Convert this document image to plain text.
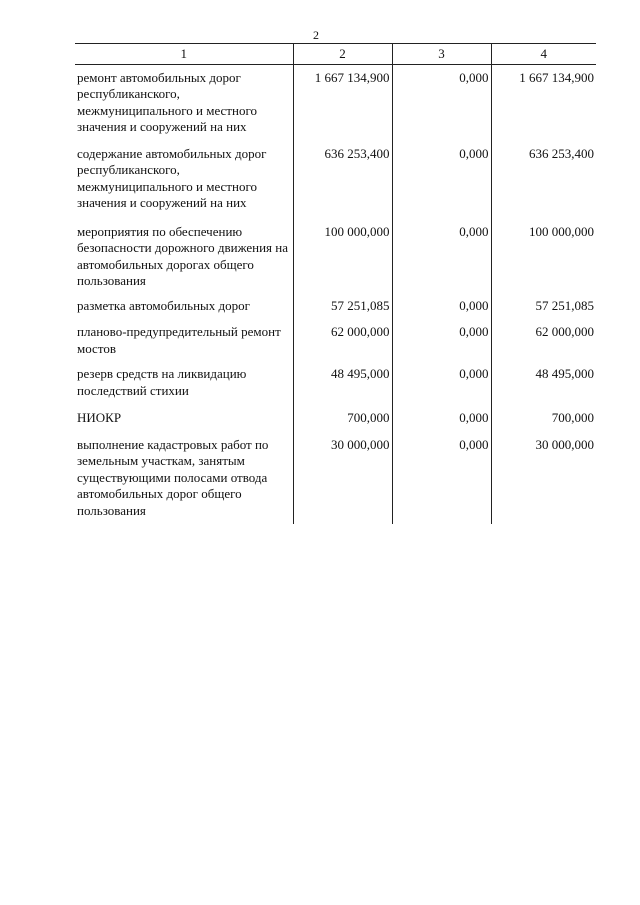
2
1	2	3	4
ремонт автомобильных дорог республиканского, межмуниципального и местного значения и сооружений на них	1 667 134,900	0,000	1 667 134,900
содержание автомобильных дорог республиканского, межмуниципального и местного значения и сооружений на них	636 253,400	0,000	636 253,400
мероприятия по обеспечению безопасности дорожного движения на автомобильных дорогах общего пользования	100 000,000	0,000	100 000,000
разметка автомобильных дорог	57 251,085	0,000	57 251,085
планово-предупредительный ремонт мостов	62 000,000	0,000	62 000,000
резерв средств на ликвидацию последствий стихии	48 495,000	0,000	48 495,000
НИОКР	700,000	0,000	700,000
выполнение кадастровых работ по земельным участкам, занятым существующими полосами отвода автомобильных дорог общего пользования	30 000,000	0,000	30 000,000
